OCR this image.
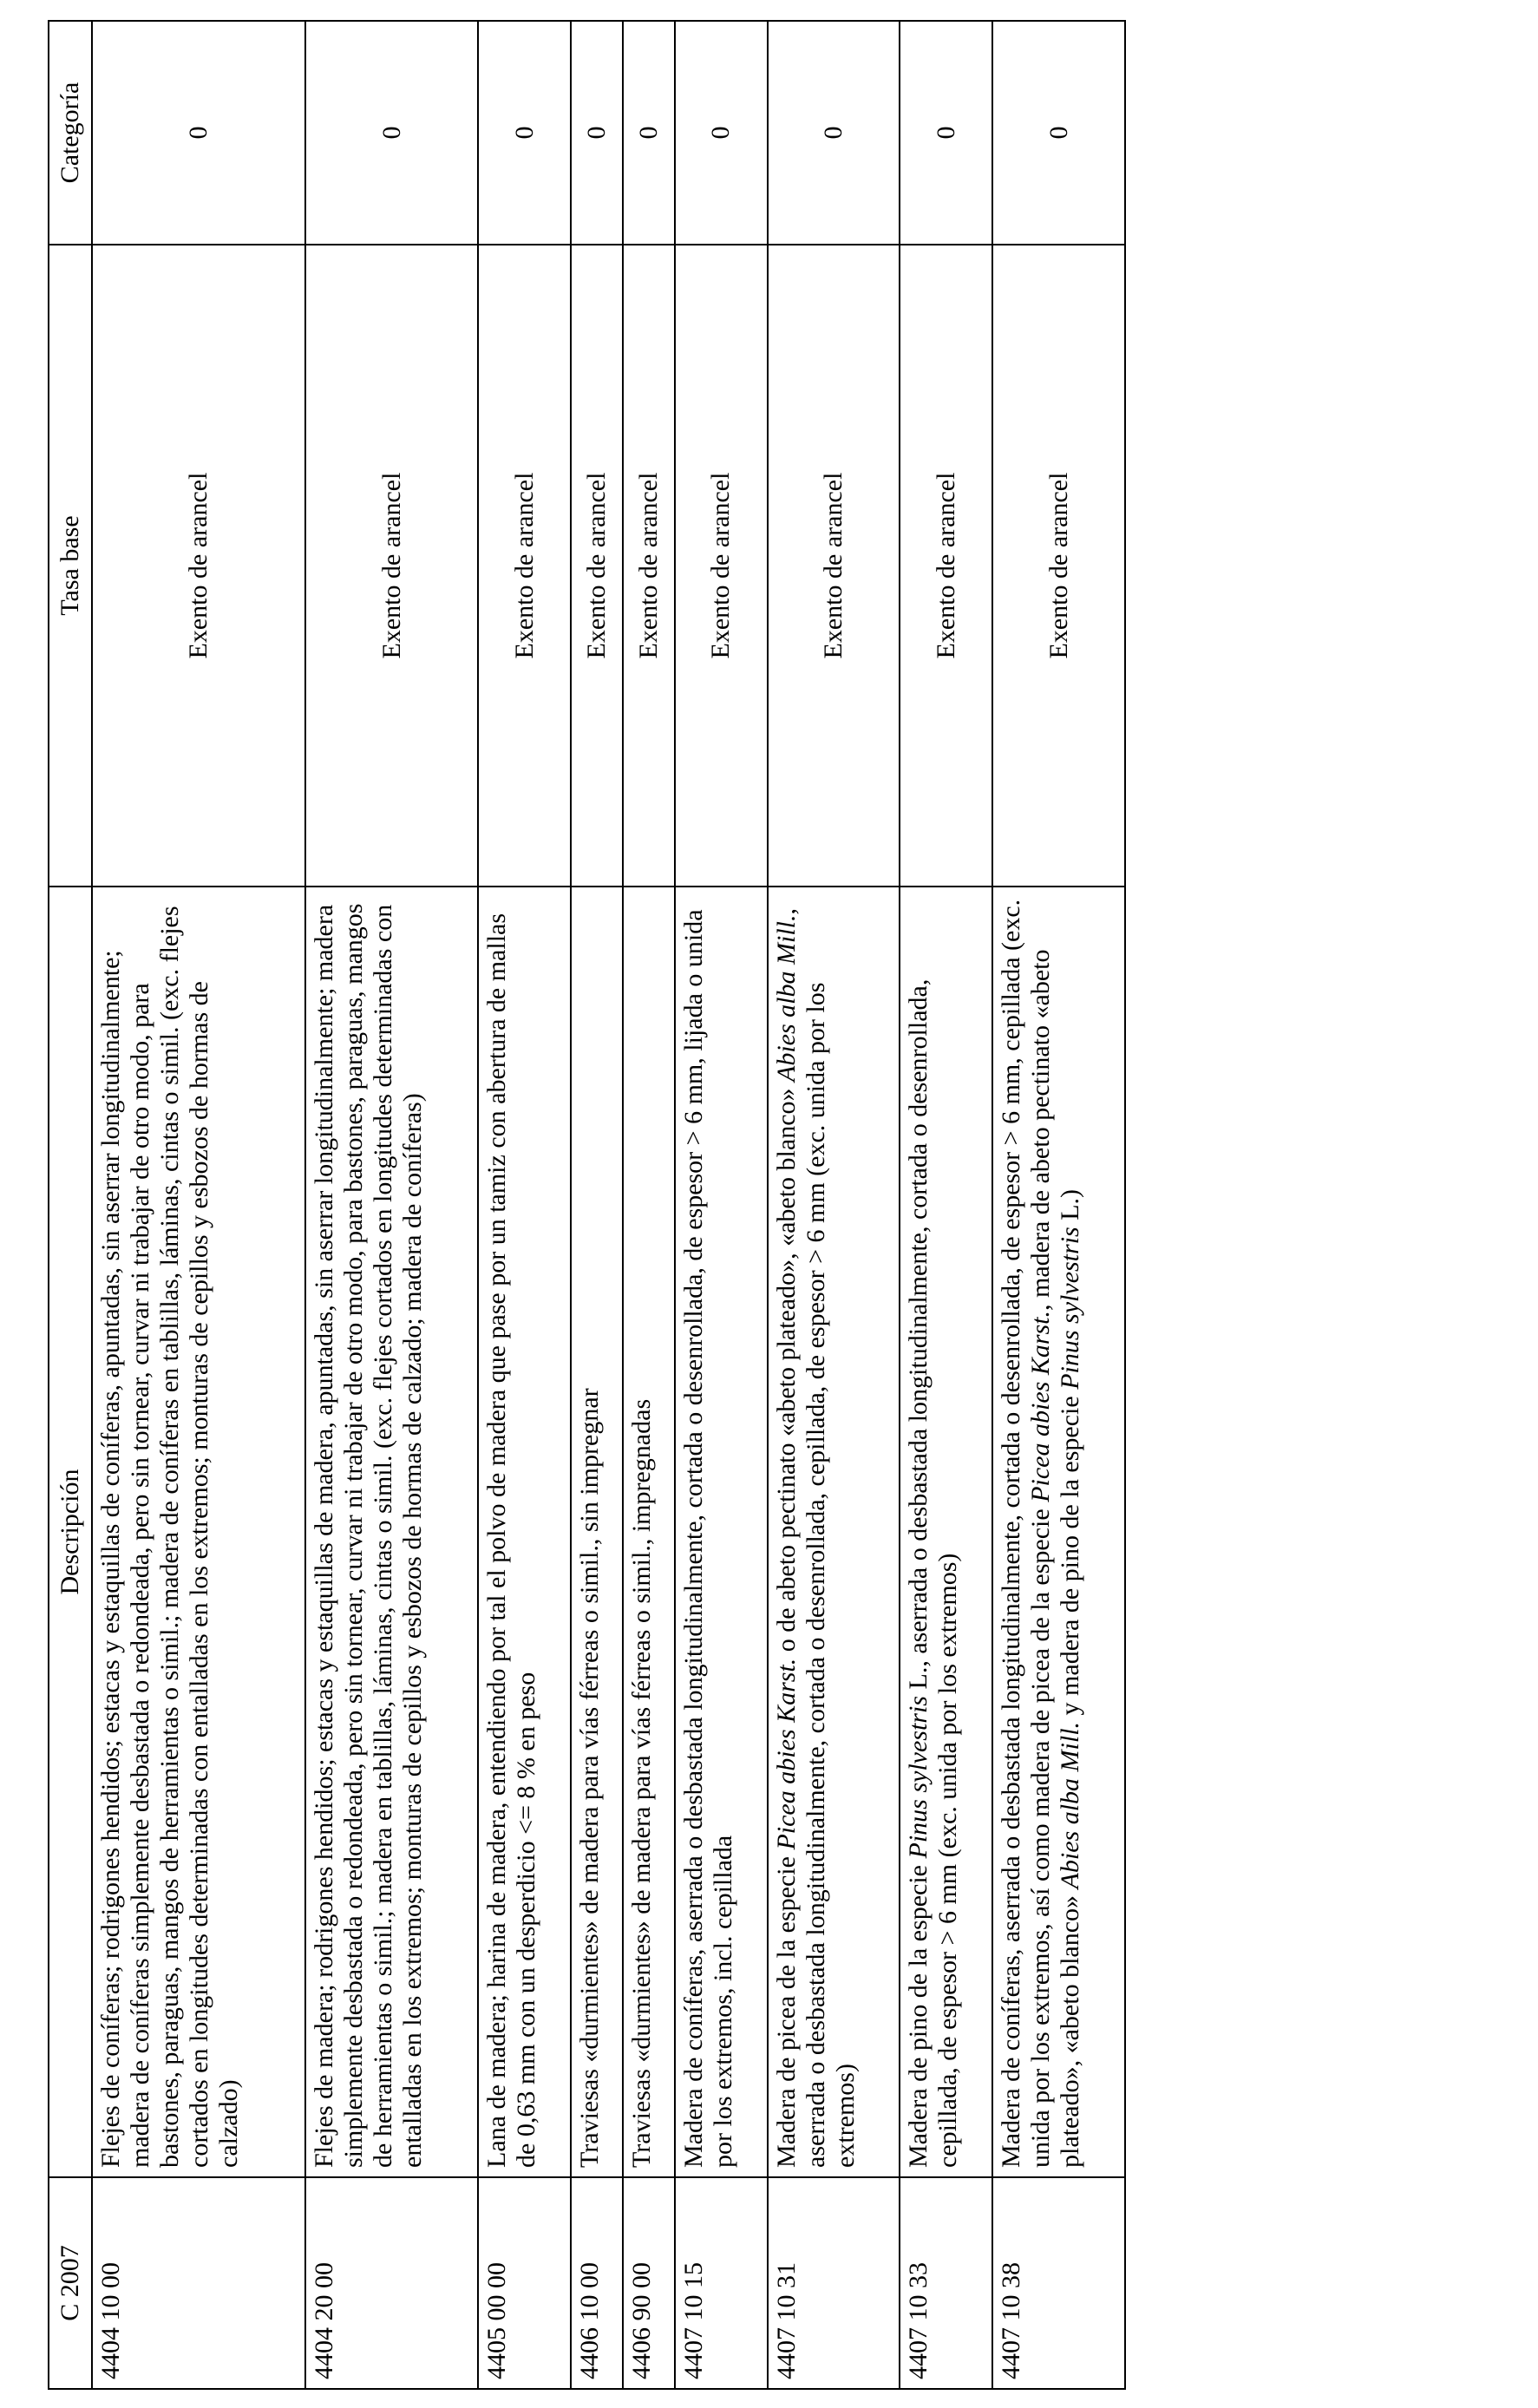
C 2007	Descripción	Tasa base	Categoría
4404 10 00	Flejes de coníferas; rodrigones hendidos; estacas y estaquillas de coníferas, apuntadas, sin aserrar longitudinalmente; madera de coníferas simplemente desbastada o redondeada, pero sin tornear, curvar ni trabajar de otro modo, para bastones, paraguas, mangos de herramientas o simil.; madera de coníferas en tablillas, láminas, cintas o simil. (exc. flejes cortados en longitudes determinadas con entalladas en los extremos; monturas de cepillos y esbozos de hormas de calzado)	Exento de arancel	0
4404 20 00	Flejes de madera; rodrigones hendidos; estacas y estaquillas de madera, apuntadas, sin aserrar longitudinalmente; madera simplemente desbastada o redondeada, pero sin tornear, curvar ni trabajar de otro modo, para bastones, paraguas, mangos de herramientas o simil.; madera en tablillas, láminas, cintas o simil. (exc. flejes cortados en longitudes determinadas con entalladas en los extremos; monturas de cepillos y esbozos de hormas de calzado; madera de coníferas)	Exento de arancel	0
4405 00 00	Lana de madera; harina de madera, entendiendo por tal el polvo de madera que pase por un tamiz con abertura de mallas de 0,63 mm con un desperdicio <= 8 % en peso	Exento de arancel	0
4406 10 00	Traviesas «durmientes» de madera para vías férreas o simil., sin impregnar	Exento de arancel	0
4406 90 00	Traviesas «durmientes» de madera para vías férreas o simil., impregnadas	Exento de arancel	0
4407 10 15	Madera de coníferas, aserrada o desbastada longitudinalmente, cortada o desenrollada, de espesor > 6 mm, lijada o unida por los extremos, incl. cepillada	Exento de arancel	0
4407 10 31	Madera de picea de la especie Picea abies Karst. o de abeto pectinato «abeto plateado», «abeto blanco» Abies alba Mill., aserrada o desbastada longitudinalmente, cortada o desenrollada, cepillada, de espesor > 6 mm (exc. unida por los extremos)	Exento de arancel	0
4407 10 33	Madera de pino de la especie Pinus sylvestris L., aserrada o desbastada longitudinalmente, cortada o desenrollada, cepillada, de espesor > 6 mm (exc. unida por los extremos)	Exento de arancel	0
4407 10 38	Madera de coníferas, aserrada o desbastada longitudinalmente, cortada o desenrollada, de espesor > 6 mm, cepillada (exc. unida por los extremos, así como madera de picea de la especie Picea abies Karst., madera de abeto pectinato «abeto plateado», «abeto blanco» Abies alba Mill. y madera de pino de la especie Pinus sylvestris L.)	Exento de arancel	0
